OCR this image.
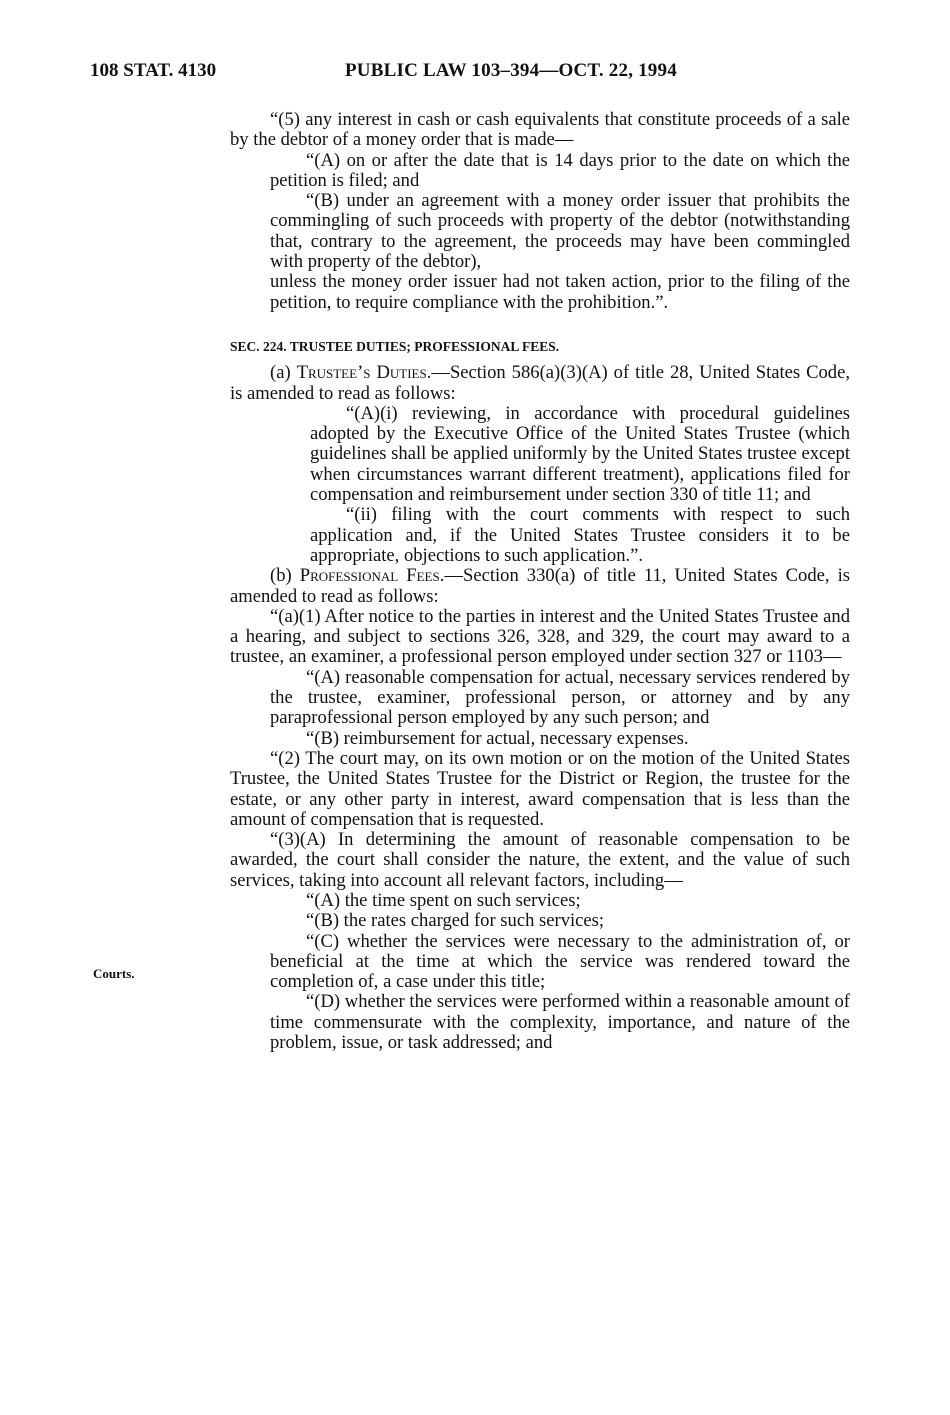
108 STAT. 4130	PUBLIC LAW 103–394—OCT. 22, 1994
Courts.

“(5) any interest in cash or cash equivalents that constitute proceeds of a sale by the debtor of a money order that is made—

“(A) on or after the date that is 14 days prior to the date on which the petition is filed; and

“(B) under an agreement with a money order issuer that prohibits the commingling of such proceeds with property of the debtor (notwithstanding that, contrary to the agreement, the proceeds may have been commingled with property of the debtor),

unless the money order issuer had not taken action, prior to the filing of the petition, to require compliance with the prohibition.”.

SEC. 224. TRUSTEE DUTIES; PROFESSIONAL FEES.

(a) Trustee’s Duties.—Section 586(a)(3)(A) of title 28, United States Code, is amended to read as follows:

“(A)(i) reviewing, in accordance with procedural guidelines adopted by the Executive Office of the United States Trustee (which guidelines shall be applied uniformly by the United States trustee except when circumstances warrant different treatment), applications filed for compensation and reimbursement under section 330 of title 11; and

“(ii) filing with the court comments with respect to such application and, if the United States Trustee considers it to be appropriate, objections to such application.”.

(b) Professional Fees.—Section 330(a) of title 11, United States Code, is amended to read as follows:

“(a)(1) After notice to the parties in interest and the United States Trustee and a hearing, and subject to sections 326, 328, and 329, the court may award to a trustee, an examiner, a professional person employed under section 327 or 1103—

“(A) reasonable compensation for actual, necessary services rendered by the trustee, examiner, professional person, or attorney and by any paraprofessional person employed by any such person; and

“(B) reimbursement for actual, necessary expenses.

“(2) The court may, on its own motion or on the motion of the United States Trustee, the United States Trustee for the District or Region, the trustee for the estate, or any other party in interest, award compensation that is less than the amount of compensation that is requested.

“(3)(A) In determining the amount of reasonable compensation to be awarded, the court shall consider the nature, the extent, and the value of such services, taking into account all relevant factors, including—

“(A) the time spent on such services;

“(B) the rates charged for such services;

“(C) whether the services were necessary to the administration of, or beneficial at the time at which the service was rendered toward the completion of, a case under this title;

“(D) whether the services were performed within a reasonable amount of time commensurate with the complexity, importance, and nature of the problem, issue, or task addressed; and
